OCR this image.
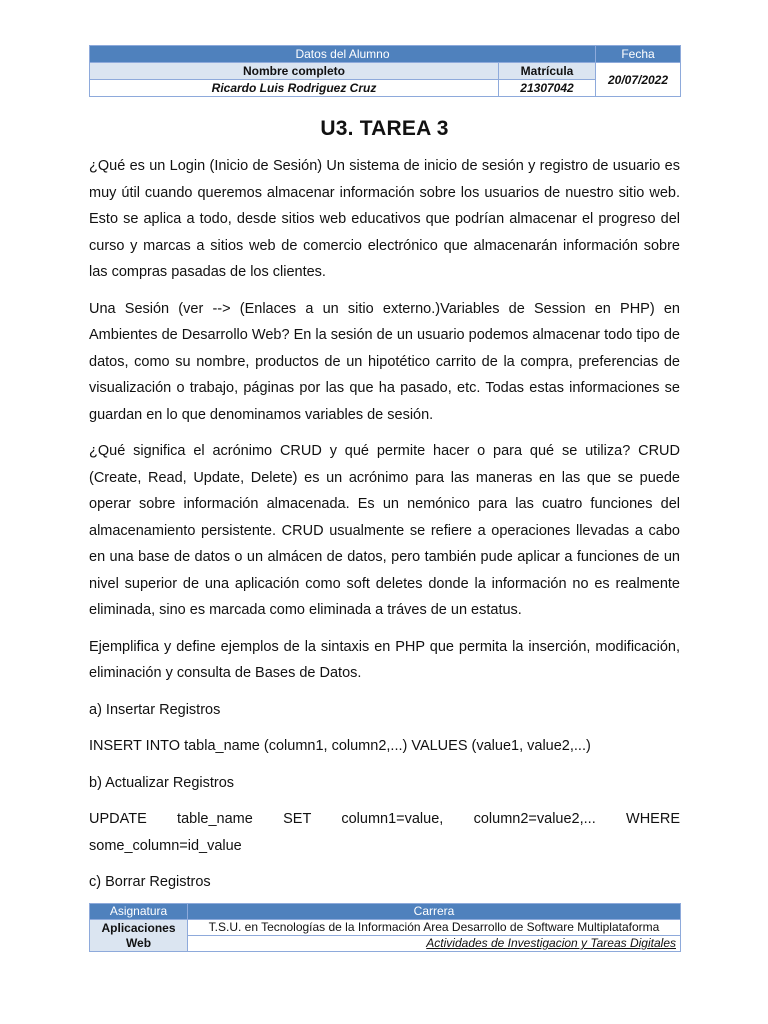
Datos del Alumno		Fecha
Nombre completo	Matrícula	20/07/2022
Ricardo Luis Rodriguez Cruz	21307042	
U3. TAREA 3

¿Qué es un Login (Inicio de Sesión) Un sistema de inicio de sesión y registro de usuario es muy útil cuando queremos almacenar información sobre los usuarios de nuestro sitio web. Esto se aplica a todo, desde sitios web educativos que podrían almacenar el progreso del curso y marcas a sitios web de comercio electrónico que almacenarán información sobre las compras pasadas de los clientes.

Una Sesión (ver --> (Enlaces a un sitio externo.)Variables de Session en PHP) en Ambientes de Desarrollo Web? En la sesión de un usuario podemos almacenar todo tipo de datos, como su nombre, productos de un hipotético carrito de la compra, preferencias de visualización o trabajo, páginas por las que ha pasado, etc. Todas estas informaciones se guardan en lo que denominamos variables de sesión.

¿Qué significa el acrónimo CRUD y qué permite hacer o para qué se utiliza? CRUD (Create, Read, Update, Delete) es un acrónimo para las maneras en las que se puede operar sobre información almacenada. Es un nemónico para las cuatro funciones del almacenamiento persistente. CRUD usualmente se refiere a operaciones llevadas a cabo en una base de datos o un almácen de datos, pero también pude aplicar a funciones de un nivel superior de una aplicación como soft deletes donde la información no es realmente eliminada, sino es marcada como eliminada a tráves de un estatus.

Ejemplifica y define ejemplos de la sintaxis en PHP que permita la inserción, modificación, eliminación y consulta de Bases de Datos.

a) Insertar Registros

INSERT INTO tabla_name (column1, column2,...) VALUES (value1, value2,...)

b) Actualizar Registros

UPDATE table_name SET column1=value, column2=value2,... WHERE

some_column=id_value

c) Borrar Registros

Asignatura	Carrera
Aplicaciones Web	T.S.U. en Tecnologías de la Información Area Desarrollo de Software Multiplataforma
	Actividades de Investigacion y Tareas Digitales
